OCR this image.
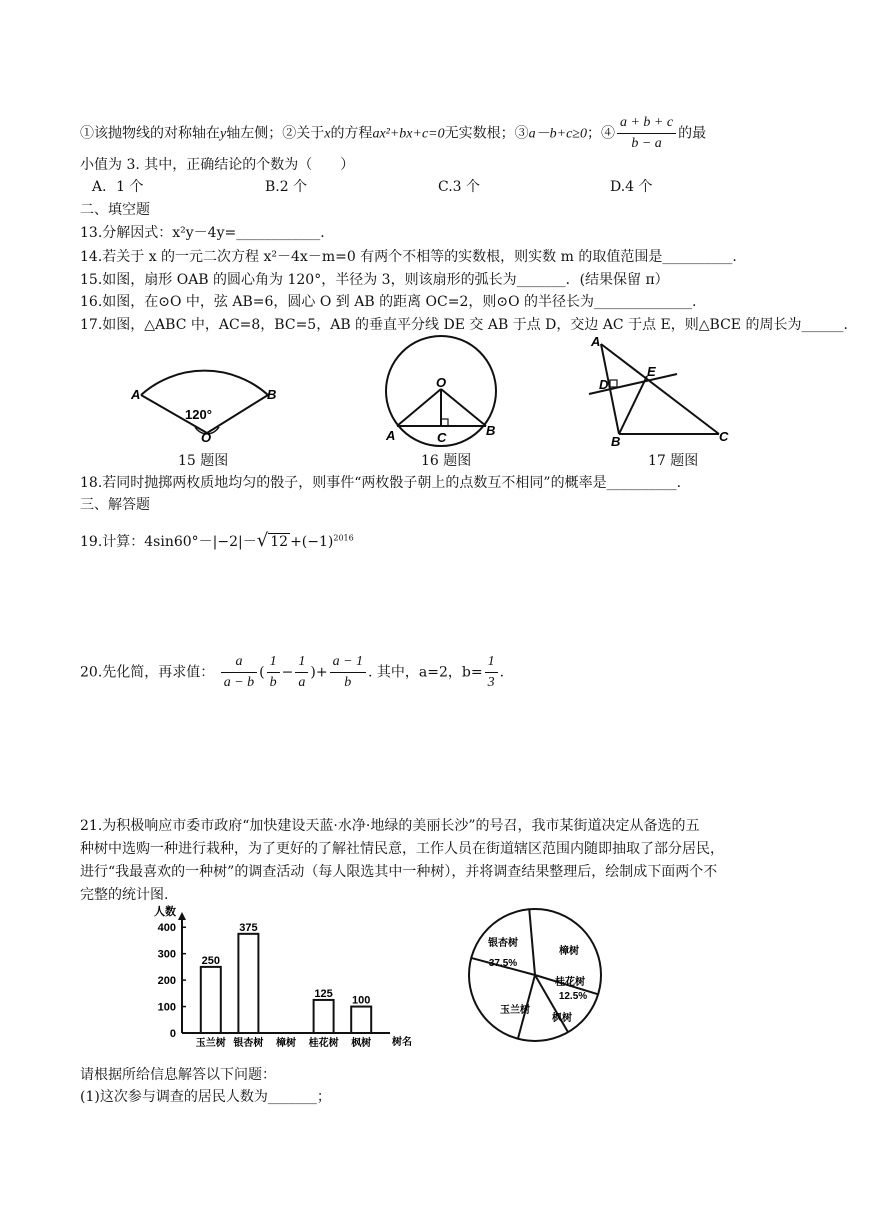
①该抛物线的对称轴在y轴左侧；②关于x的方程ax²+bx+c=0无实数根；③a－b+c≥0；④ $\frac{a + b + c}{b - a}$ 的最
小值为 3. 其中，正确结论的个数为（　　）
A．1 个	B.2 个	C.3 个	D.4 个
二、填空题
13.分解因式：x²y－4y=____________.
14.若关于 x 的一元二次方程 x²－4x－m=0 有两个不相等的实数根，则实数 m 的取值范围是__________.
15.如图，扇形 OAB 的圆心角为 120°，半径为 3，则该扇形的弧长为_______．(结果保留 π）
16.如图，在⊙O 中，弦 AB=6，圆心 O 到 AB 的距离 OC=2，则⊙O 的半径长为______________.
17.如图，△ABC 中，AC=8，BC=5，AB 的垂直平分线 DE 交 AB 于点 D，交边 AC 于点 E，则△BCE 的周长为______.
A	B
120°
O
15 题图
O
A	B
C
16 题图
A
D
E
B	C
17 题图
18.若同时抛掷两枚质地均匀的骰子，则事件“两枚骰子朝上的点数互不相同”的概率是__________.
三、解答题
19.计算：4sin60°－|−2|－√ $12 +(-1)^{2016}$
20.先化简，再求值： $\frac{a}{a - b}$ ( $\frac{1}{b} - \frac{1}{a}$ )+ $\frac{a - 1}{b}$ . 其中，a=2，$b= \frac{1}{3}$ .
21.为积极响应市委市政府“加快建设天蓝·水净·地绿的美丽长沙”的号召，我市某街道决定从备选的五
种树中选购一种进行栽种，为了更好的了解社情民意，工作人员在街道辖区范围内随即抽取了部分居民，
进行“我最喜欢的一种树”的调查活动（每人限选其中一种树），并将调查结果整理后，绘制成下面两个不
完整的统计图.
人数
树名
0
100
200
300
400
250
玉兰树
375
银杏树 樟树
125
桂花树
100
枫树
银杏树
37.5%
樟树
桂花树
12.5%
枫树
玉兰树
请根据所给信息解答以下问题：
(1)这次参与调查的居民人数为_______；
